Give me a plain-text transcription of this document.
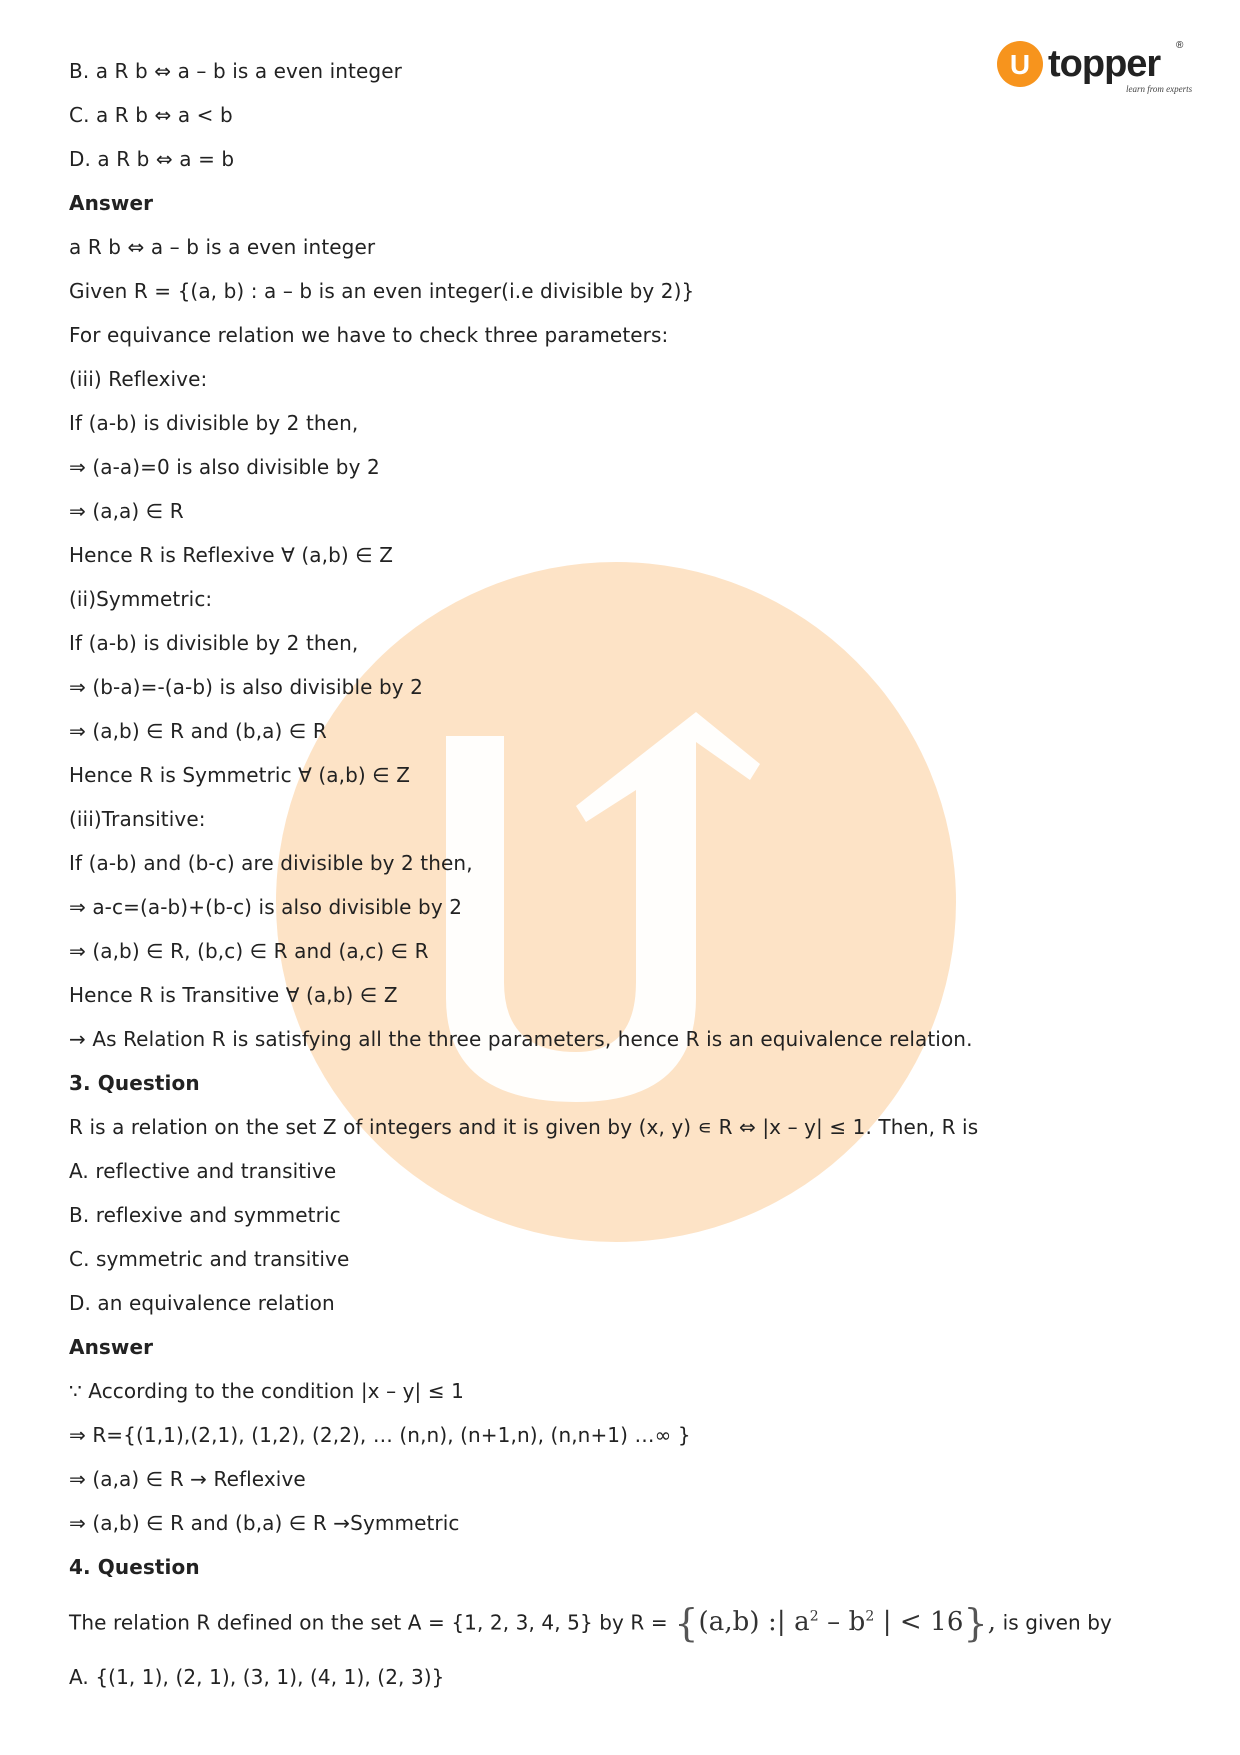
U topper ®
learn from experts
B. a R b ⇔ a – b is a even integer
C. a R b ⇔ a < b
D. a R b ⇔ a = b
Answer
a R b ⇔ a – b is a even integer
Given R = {(a, b) : a – b is an even integer(i.e divisible by 2)}
For equivance relation we have to check three parameters:
(iii) Reflexive:
If (a-b) is divisible by 2 then,
⇒ (a-a)=0 is also divisible by 2
⇒ (a,a) ∈ R
Hence R is Reflexive ∀ (a,b) ∈ Z
(ii)Symmetric:
If (a-b) is divisible by 2 then,
⇒ (b-a)=-(a-b) is also divisible by 2
⇒ (a,b) ∈ R and (b,a) ∈ R
Hence R is Symmetric ∀ (a,b) ∈ Z
(iii)Transitive:
If (a-b) and (b-c) are divisible by 2 then,
⇒ a-c=(a-b)+(b-c) is also divisible by 2
⇒ (a,b) ∈ R, (b,c) ∈ R and (a,c) ∈ R
Hence R is Transitive ∀ (a,b) ∈ Z
→ As Relation R is satisfying all the three parameters, hence R is an equivalence relation.
3. Question
R is a relation on the set Z of integers and it is given by (x, y) ∊ R ⇔ |x – y| ≤ 1. Then, R is
A. reflective and transitive
B. reflexive and symmetric
C. symmetric and transitive
D. an equivalence relation
Answer
∵ According to the condition |x – y| ≤ 1
⇒ R={(1,1),(2,1), (1,2), (2,2), … (n,n), (n+1,n), (n,n+1) …∞ }
⇒ (a,a) ∈ R → Reflexive
⇒ (a,b) ∈ R and (b,a) ∈ R →Symmetric
4. Question
The relation R defined on the set A = {1, 2, 3, 4, 5} by R = {(a,b) :| $a^2 - b^2$ | < 16}, is given by
A. {(1, 1), (2, 1), (3, 1), (4, 1), (2, 3)}
